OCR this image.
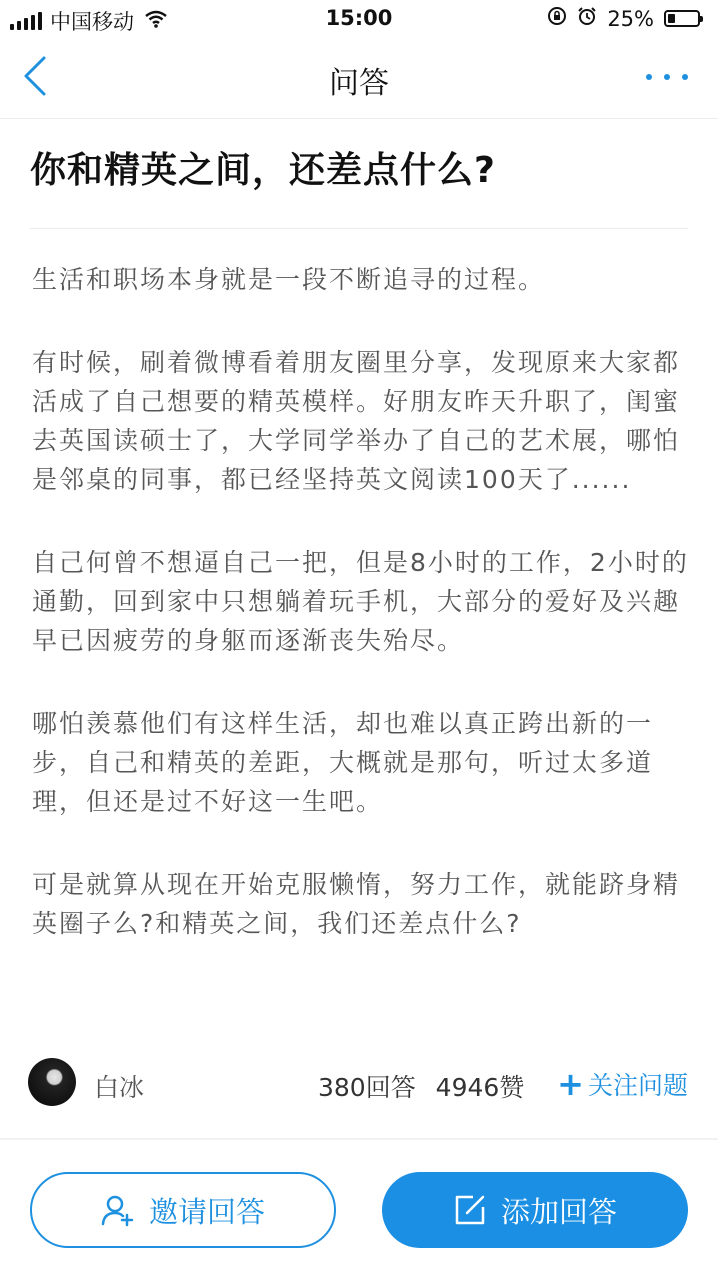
中国移动	15:00	25%
问答
你和精英之间，还差点什么?

生活和职场本身就是一段不断追寻的过程。

有时候，刷着微博看着朋友圈里分享，发现原来大家都活成了自己想要的精英模样。好朋友昨天升职了，闺蜜去英国读硕士了，大学同学举办了自己的艺术展，哪怕是邻桌的同事，都已经坚持英文阅读100天了......

自己何曾不想逼自己一把，但是8小时的工作，2小时的通勤，回到家中只想躺着玩手机，大部分的爱好及兴趣早已因疲劳的身躯而逐渐丧失殆尽。

哪怕羡慕他们有这样生活，却也难以真正跨出新的一步，自己和精英的差距，大概就是那句，听过太多道理，但还是过不好这一生吧。

可是就算从现在开始克服懒惰，努力工作，就能跻身精英圈子么?和精英之间，我们还差点什么?

白冰	380回答 4946赞	+ 关注问题
邀请回答	添加回答
